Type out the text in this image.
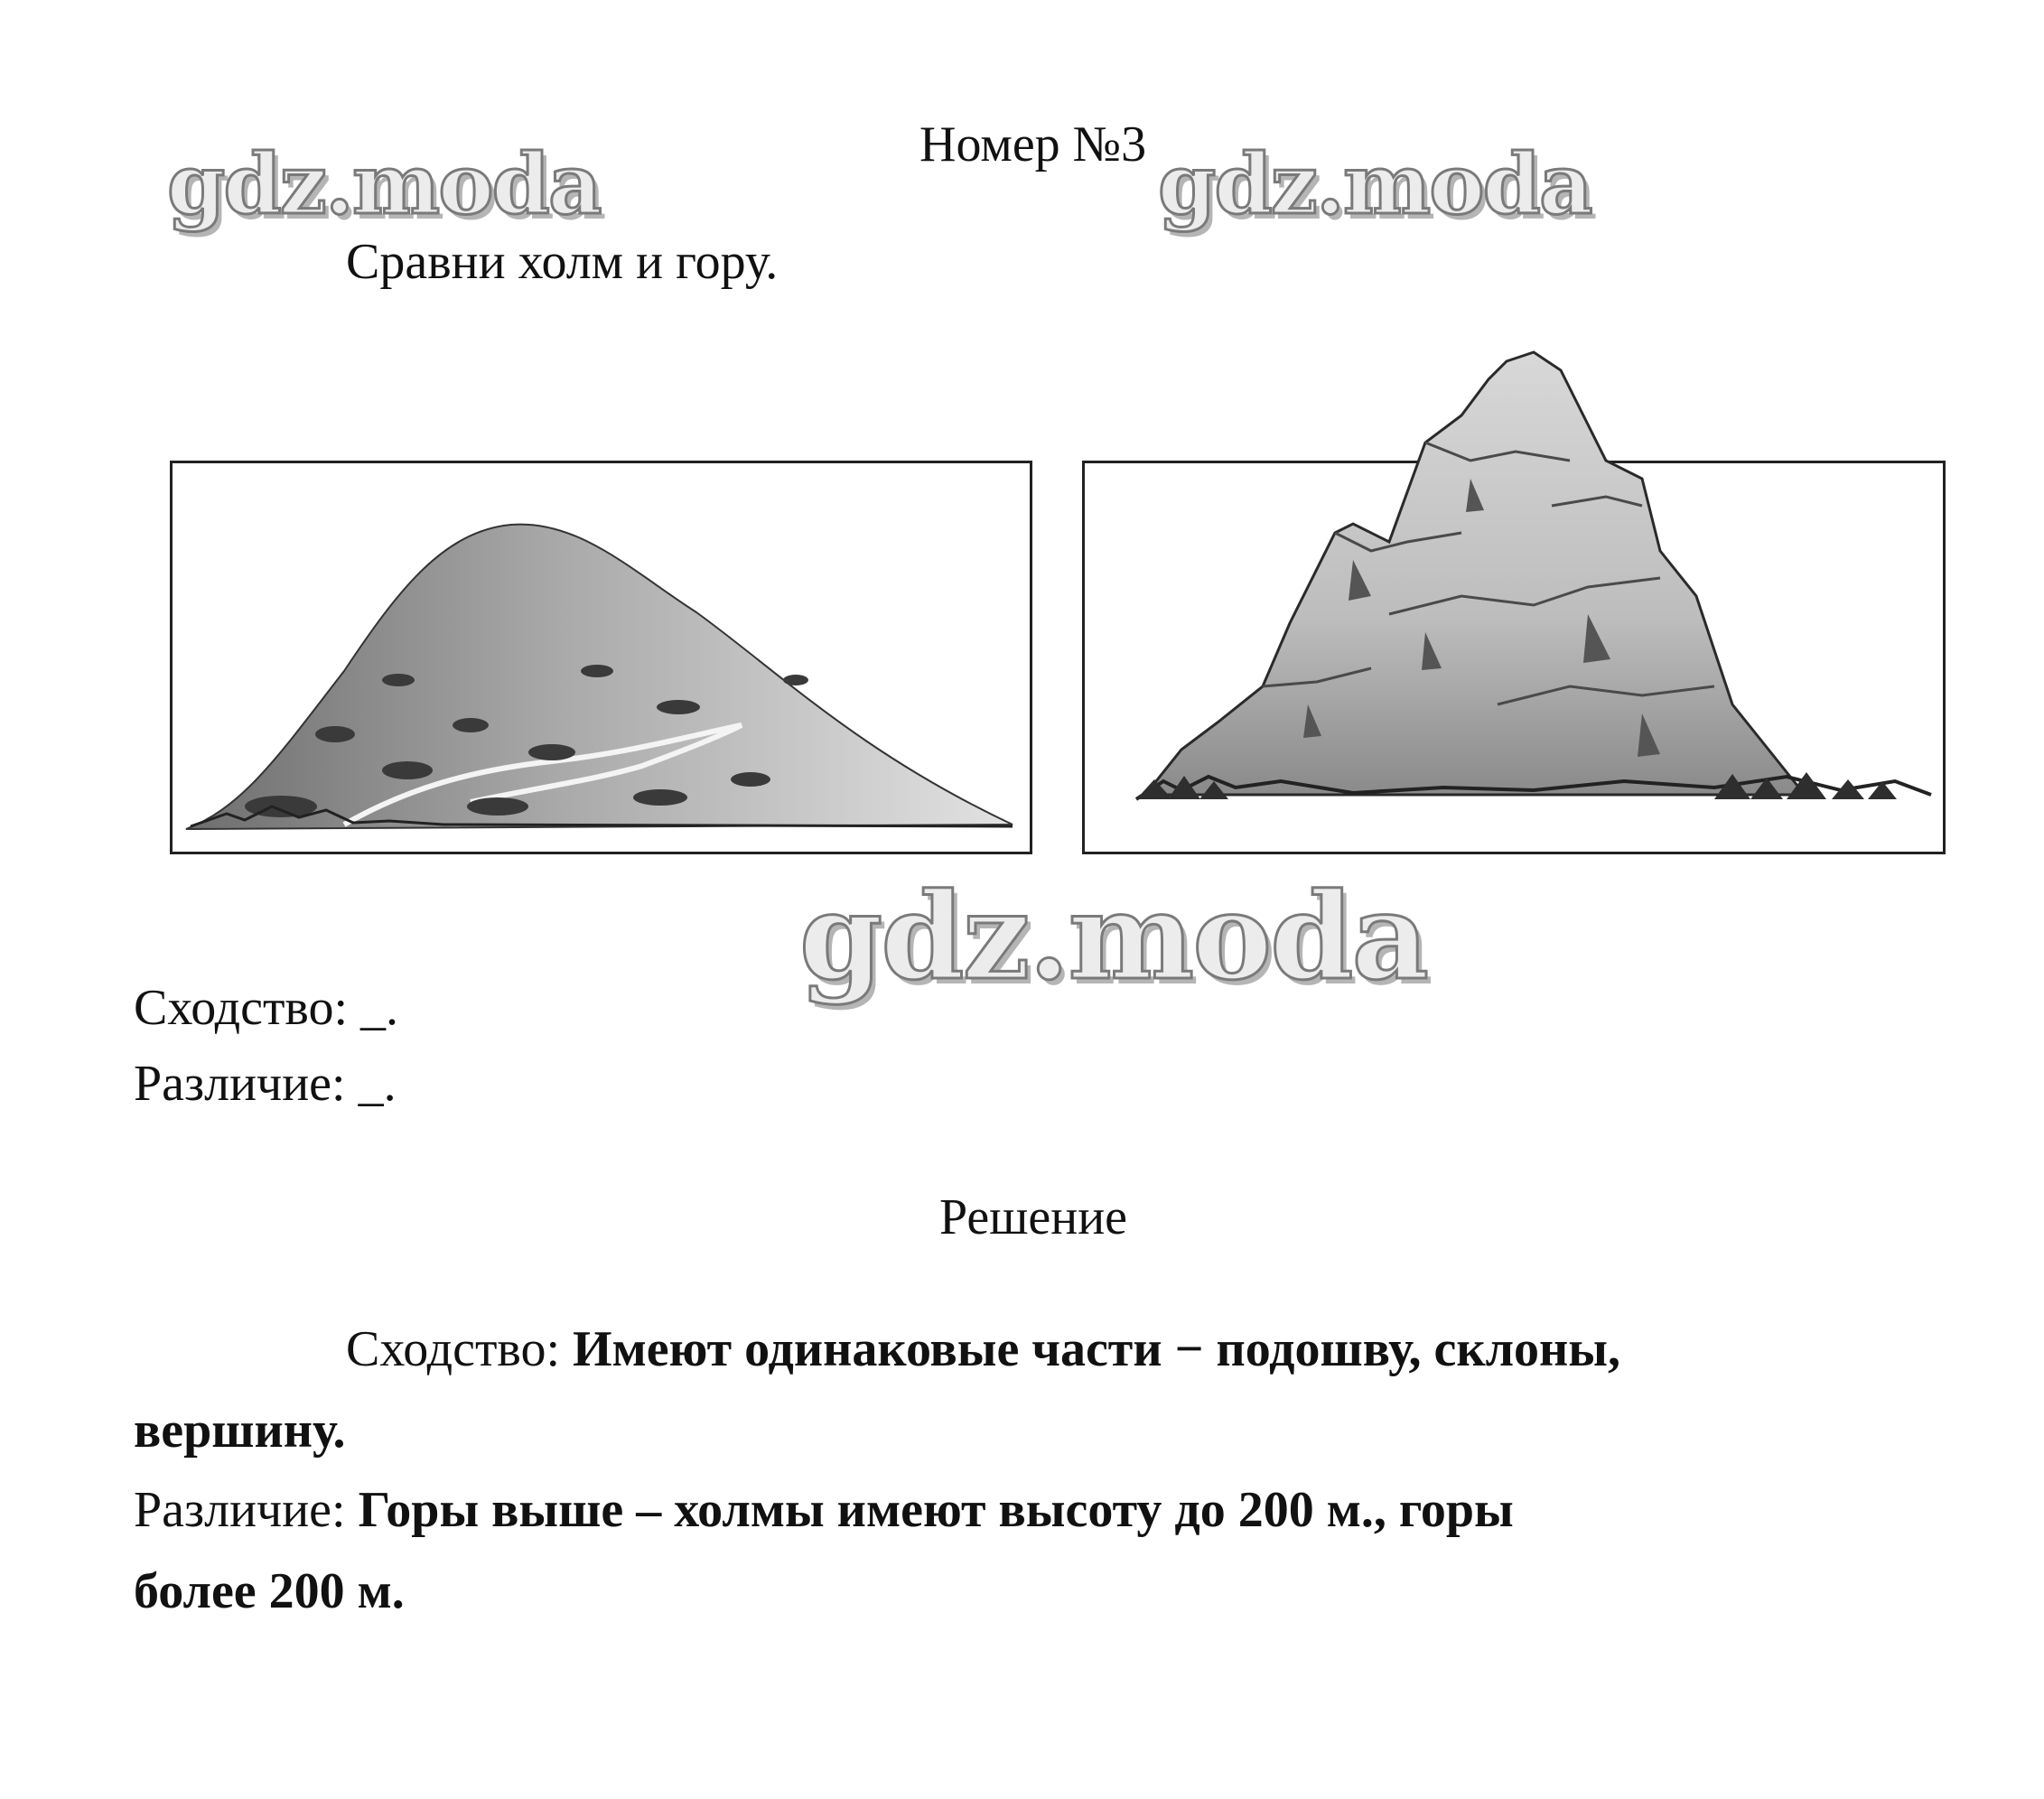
gdz.moda	gdz.moda
gdz.moda
Номер №3
Сравни холм и гору.
Сходство: _.
Различие: _.
Решение
Сходство: Имеют одинаковые части − подошву, склоны,
вершину.
Различие: Горы выше – холмы имеют высоту до 200 м., горы
более 200 м.
